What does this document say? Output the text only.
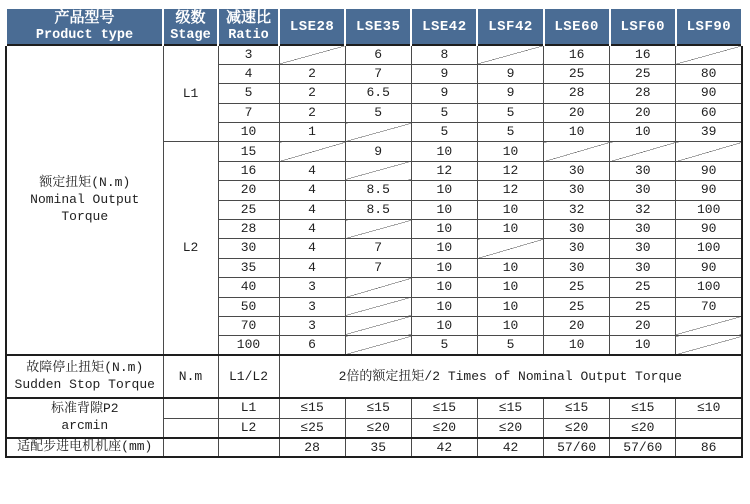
产品型号
Product type

级数
Stage

减速比
Ratio
	LSE28	LSE35	LSE42	LSF42	LSE60	LSF60	LSF90

额定扭矩(N.m)
Nominal Output
Torque	L1	3		6	8		16	16	
		4	2	7	9	9	25	25	80
		5	2	6.5	9	9	28	28	90
		7	2	5	5	5	20	20	60
		10	1		5	5	10	10	39
	L2	15		9	10	10			
		16	4		12	12	30	30	90
		20	4	8.5	10	12	30	30	90
		25	4	8.5	10	10	32	32	100
		28	4		10	10	30	30	90
		30	4	7	10		30	30	100
		35	4	7	10	10	30	30	90
		40	3		10	10	25	25	100
		50	3		10	10	25	25	70
		70	3		10	10	20	20	
		100	6		5	5	10	10	

故障停止扭矩(N.m)
Sudden Stop Torque	N.m	L1/L2	2倍的额定扭矩/2 Times of Nominal Output Torque						

标准背隙P2
arcmin		L1	≤15	≤15	≤15	≤15	≤15	≤15	≤10
		L2	≤25	≤20	≤20	≤20	≤20	≤20	
适配步进电机机座(mm)			28	35	42	42	57/60	57/60	86
